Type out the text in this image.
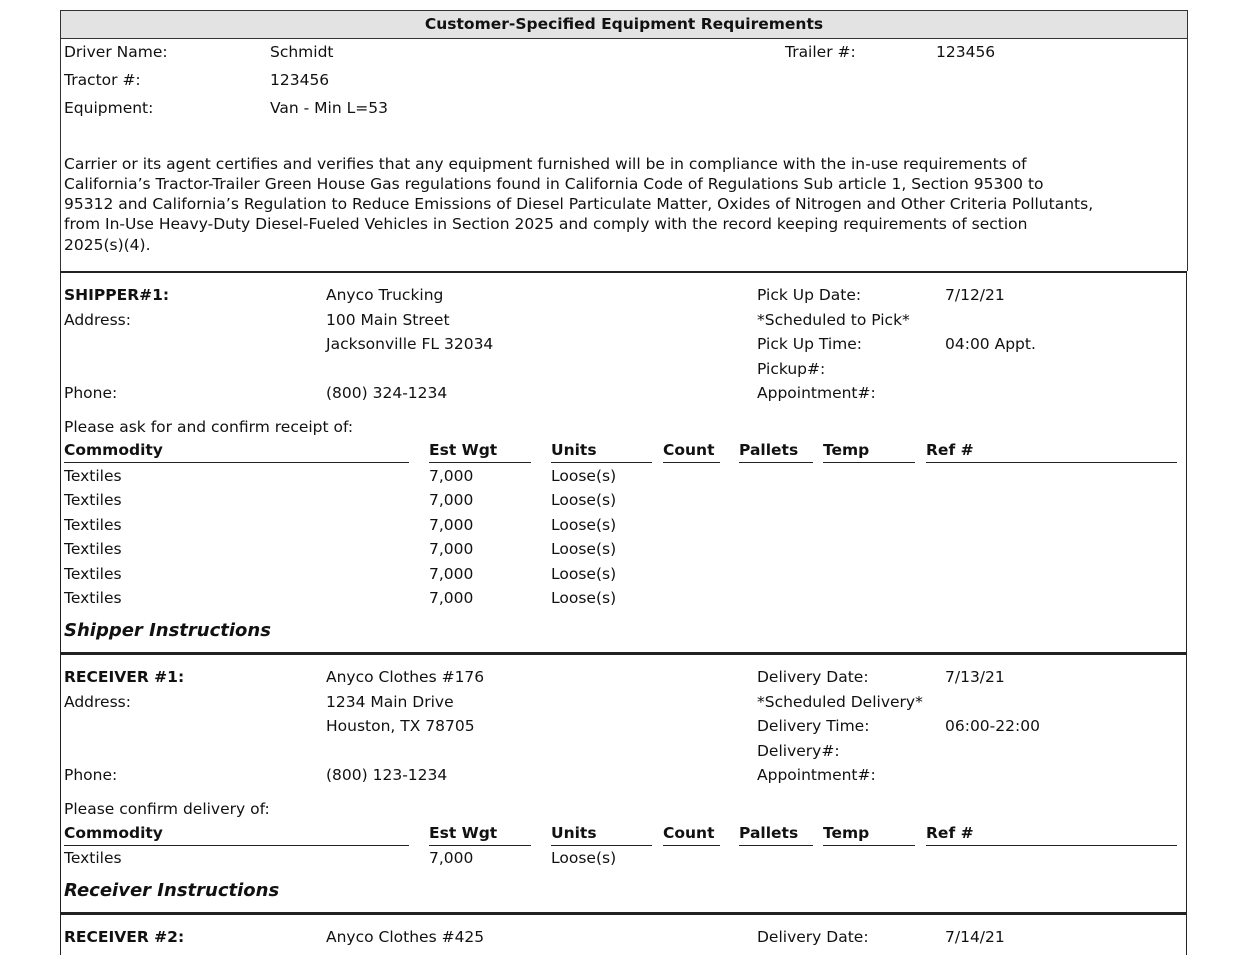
Customer-Specified Equipment Requirements
Driver Name:	Schmidt	Trailer #:	123456
Tractor #:	123456
Equipment:	Van - Min L=53
Carrier or its agent certifies and verifies that any equipment furnished will be in compliance with the in-use requirements of
California’s Tractor-Trailer Green House Gas regulations found in California Code of Regulations Sub article 1, Section 95300 to
95312 and California’s Regulation to Reduce Emissions of Diesel Particulate Matter, Oxides of Nitrogen and Other Criteria Pollutants,
from In-Use Heavy-Duty Diesel-Fueled Vehicles in Section 2025 and comply with the record keeping requirements of section
2025(s)(4).
SHIPPER#1:	Anyco Trucking	Pick Up Date:	7/12/21
Address:	100 Main Street	*Scheduled to Pick*
Jacksonville FL 32034	Pick Up Time:	04:00 Appt.
Pickup#:
Phone:	(800) 324-1234	Appointment#:
Please ask for and confirm receipt of:
Commodity	Est Wgt	Units	Count	Pallets	Temp	Ref #
Textiles	7,000	Loose(s)
Textiles	7,000	Loose(s)
Textiles	7,000	Loose(s)
Textiles	7,000	Loose(s)
Textiles	7,000	Loose(s)
Textiles	7,000	Loose(s)
Shipper Instructions
RECEIVER #1:	Anyco Clothes #176	Delivery Date:	7/13/21
Address:	1234 Main Drive	*Scheduled Delivery*
Houston, TX 78705	Delivery Time:	06:00-22:00
Delivery#:
Phone:	(800) 123-1234	Appointment#:
Please confirm delivery of:
Commodity	Est Wgt	Units	Count	Pallets	Temp	Ref #
Textiles	7,000	Loose(s)
Receiver Instructions
RECEIVER #2:	Anyco Clothes #425	Delivery Date:	7/14/21
